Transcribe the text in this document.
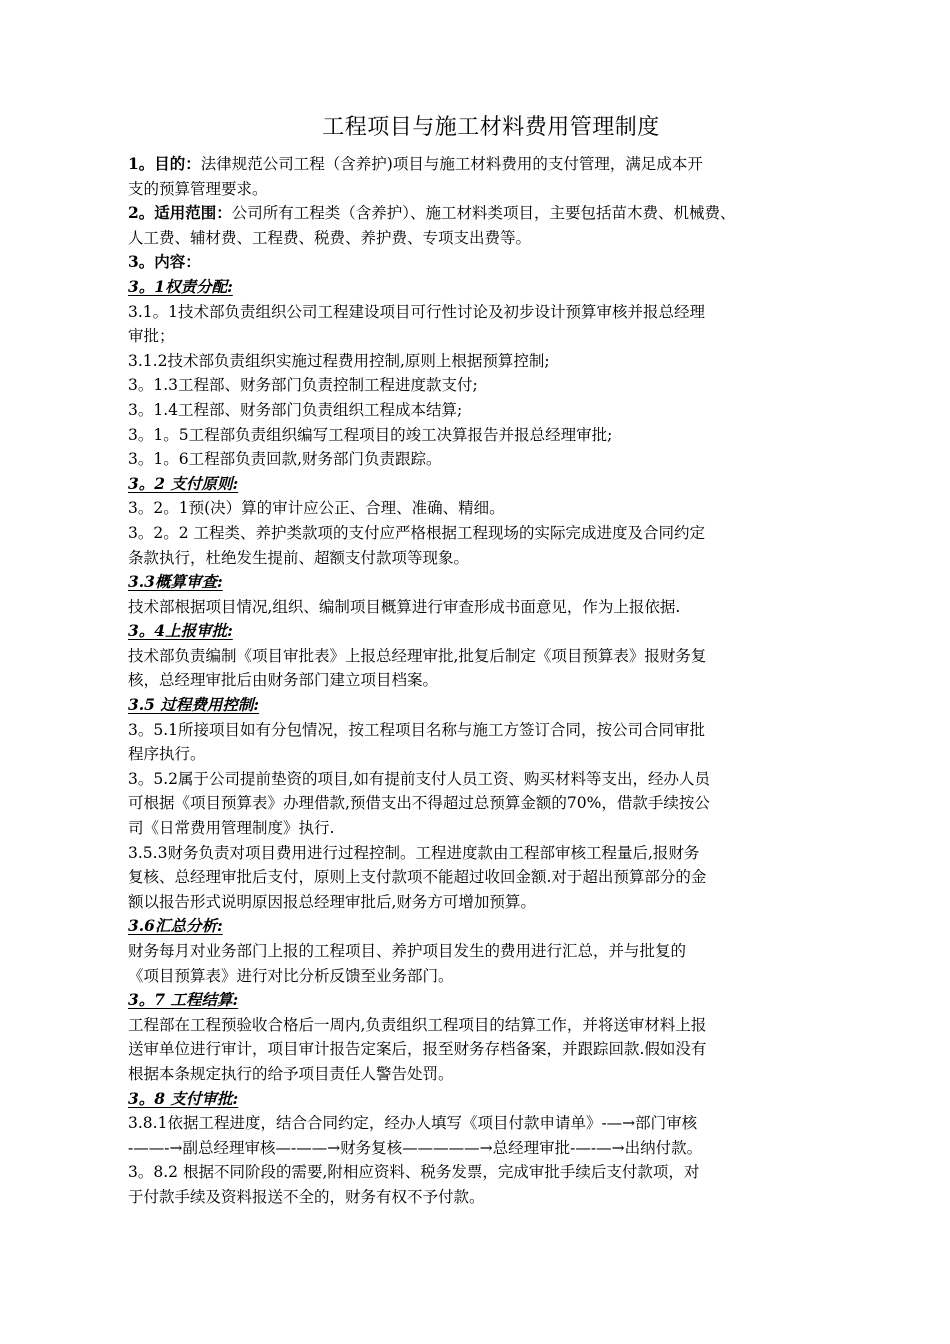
工程项目与施工材料费用管理制度
1。目的：法律规范公司工程（含养护)项目与施工材料费用的支付管理，满足成本开
支的预算管理要求。
2。适用范围：公司所有工程类（含养护）、施工材料类项目，主要包括苗木费、机械费、
人工费、辅材费、工程费、税费、养护费、专项支出费等。
3。内容：
3。1权责分配:
3.1。1技术部负责组织公司工程建设项目可行性讨论及初步设计预算审核并报总经理
审批；
3.1.2技术部负责组织实施过程费用控制,原则上根据预算控制;
3。1.3工程部、财务部门负责控制工程进度款支付;
3。1.4工程部、财务部门负责组织工程成本结算;
3。1。5工程部负责组织编写工程项目的竣工决算报告并报总经理审批;
3。1。6工程部负责回款,财务部门负责跟踪。
3。2 支付原则:
3。2。1预(决）算的审计应公正、合理、准确、精细。
3。2。2 工程类、养护类款项的支付应严格根据工程现场的实际完成进度及合同约定
条款执行，杜绝发生提前、超额支付款项等现象。
3.3概算审查:
技术部根据项目情况,组织、编制项目概算进行审查形成书面意见，作为上报依据.
3。4上报审批:
技术部负责编制《项目审批表》上报总经理审批,批复后制定《项目预算表》报财务复
核，总经理审批后由财务部门建立项目档案。
3.5 过程费用控制:
3。5.1所接项目如有分包情况，按工程项目名称与施工方签订合同，按公司合同审批
程序执行。
3。5.2属于公司提前垫资的项目,如有提前支付人员工资、购买材料等支出，经办人员
可根据《项目预算表》办理借款,预借支出不得超过总预算金额的70%，借款手续按公
司《日常费用管理制度》执行.
3.5.3财务负责对项目费用进行过程控制。工程进度款由工程部审核工程量后,报财务
复核、总经理审批后支付，原则上支付款项不能超过收回金额.对于超出预算部分的金
额以报告形式说明原因报总经理审批后,财务方可增加预算。
3.6汇总分析:
财务每月对业务部门上报的工程项目、养护项目发生的费用进行汇总，并与批复的
《项目预算表》进行对比分析反馈至业务部门。
3。7 工程结算:
工程部在工程预验收合格后一周内,负责组织工程项目的结算工作，并将送审材料上报
送审单位进行审计，项目审计报告定案后，报至财务存档备案，并跟踪回款.假如没有
根据本条规定执行的给予项目责任人警告处罚。
3。8 支付审批:
3.8.1依据工程进度，结合合同约定，经办人填写《项目付款申请单》-—→部门审核
-——-→副总经理审核—-——→财务复核—————→总经理审批-—-—→出纳付款。
3。8.2 根据不同阶段的需要,附相应资料、税务发票，完成审批手续后支付款项，对
于付款手续及资料报送不全的，财务有权不予付款。
